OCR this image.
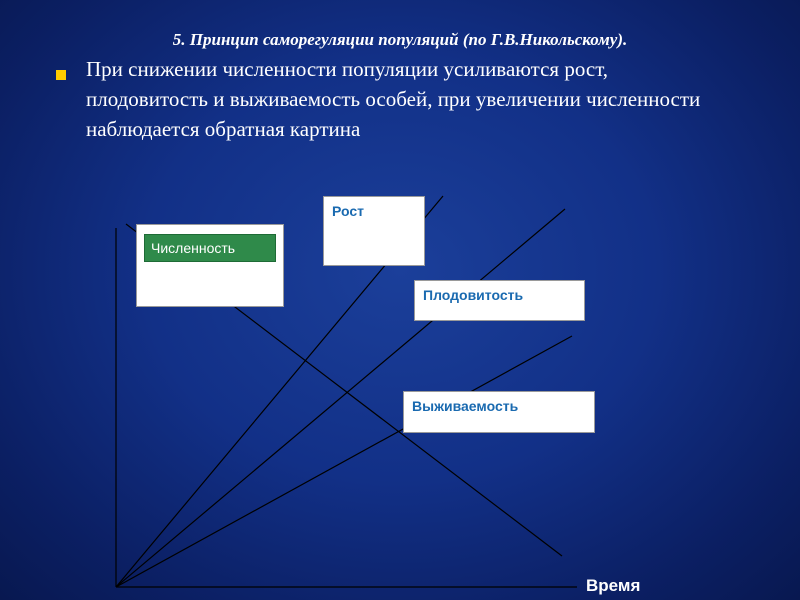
5. Принцип саморегуляции популяций (по Г.В.Никольскому).
При снижении численности популяции усиливаются рост, плодовитость и выживаемость особей, при увеличении численности наблюдается обратная картина
Численность
Рост
Плодовитость
Выживаемость
Время
